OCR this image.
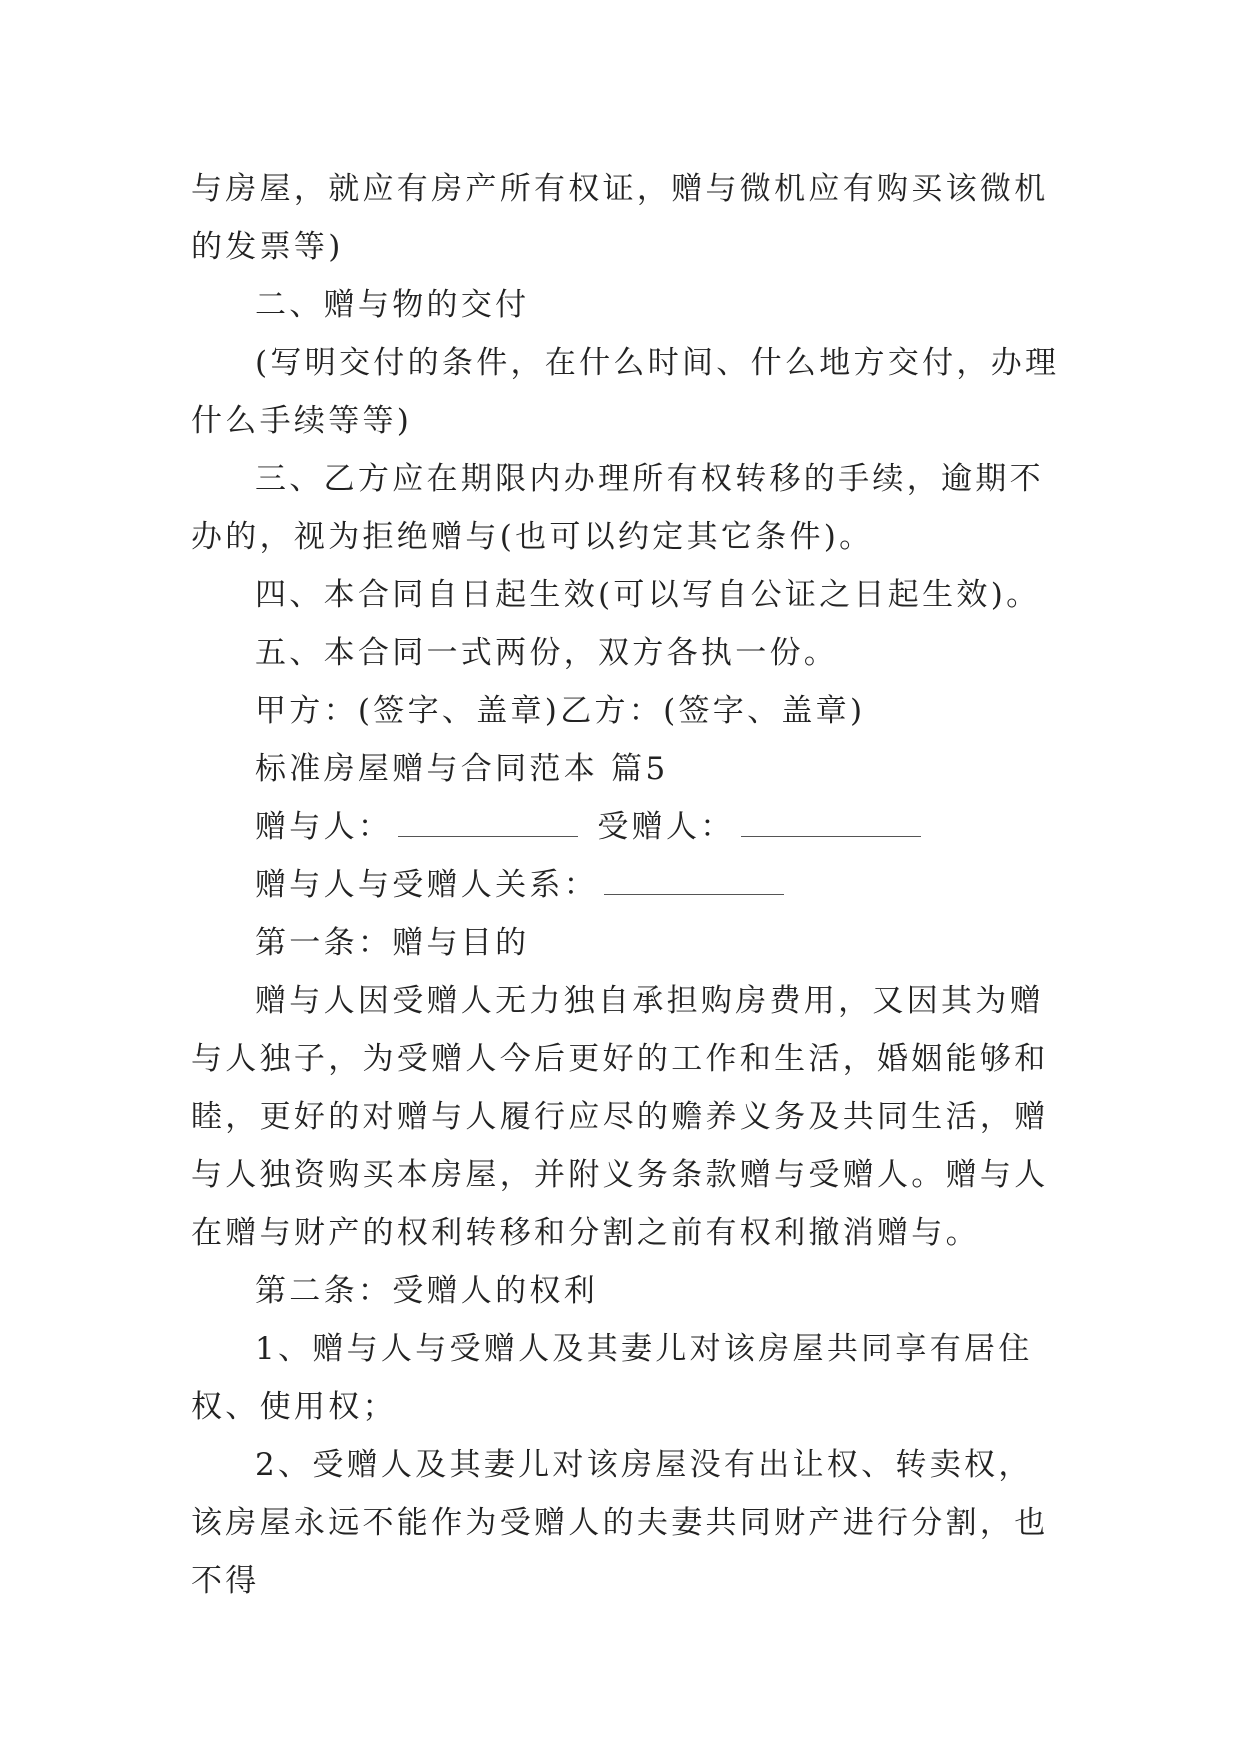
与房屋，就应有房产所有权证，赠与微机应有购买该微机的发票等)

二、赠与物的交付

(写明交付的条件，在什么时间、什么地方交付，办理什么手续等等)

三、乙方应在期限内办理所有权转移的手续，逾期不办的，视为拒绝赠与(也可以约定其它条件)。

四、本合同自日起生效(可以写自公证之日起生效)。

五、本合同一式两份，双方各执一份。

甲方：(签字、盖章)乙方：(签字、盖章)

标准房屋赠与合同范本 篇5

赠与人：	受赠人：

赠与人与受赠人关系：

第一条：赠与目的

赠与人因受赠人无力独自承担购房费用，又因其为赠与人独子，为受赠人今后更好的工作和生活，婚姻能够和睦，更好的对赠与人履行应尽的赡养义务及共同生活，赠与人独资购买本房屋，并附义务条款赠与受赠人。赠与人在赠与财产的权利转移和分割之前有权利撤消赠与。

第二条：受赠人的权利

1、赠与人与受赠人及其妻儿对该房屋共同享有居住权、使用权；

2、受赠人及其妻儿对该房屋没有出让权、转卖权，该房屋永远不能作为受赠人的夫妻共同财产进行分割，也不得
